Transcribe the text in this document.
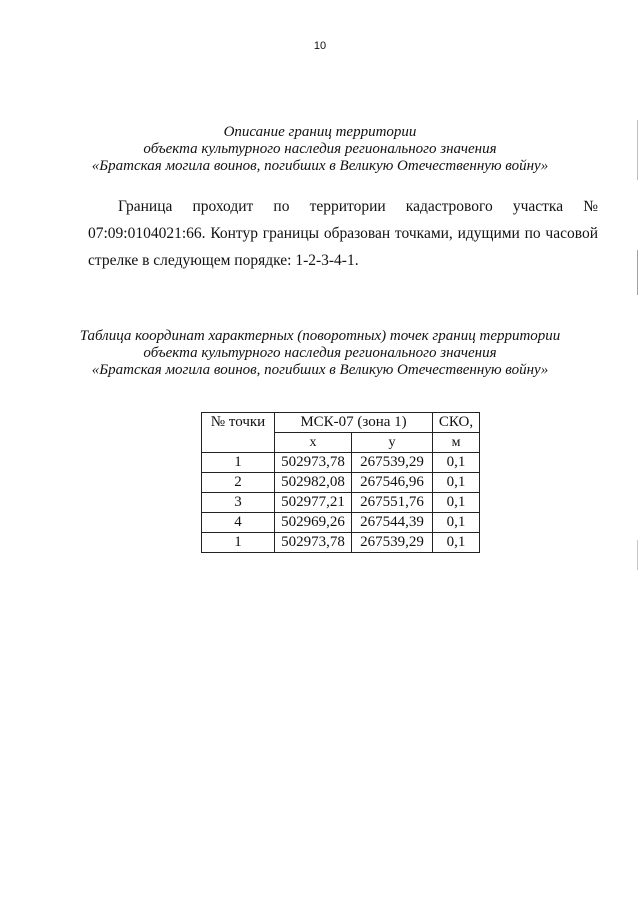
10
Описание границ территории
объекта культурного наследия регионального значения
«Братская могила воинов, погибших в Великую Отечественную войну»
Граница проходит по территории кадастрового участка № 07:09:0104021:66. Контур границы образован точками, идущими по часовой стрелке в следующем порядке: 1-2-3-4-1.
Таблица координат характерных (поворотных) точек границ территории
объекта культурного наследия регионального значения
«Братская могила воинов, погибших в Великую Отечественную войну»
№ точки	МСК-07 (зона 1)		СКО,
	x	y	м
1	502973,78	267539,29	0,1
2	502982,08	267546,96	0,1
3	502977,21	267551,76	0,1
4	502969,26	267544,39	0,1
1	502973,78	267539,29	0,1
